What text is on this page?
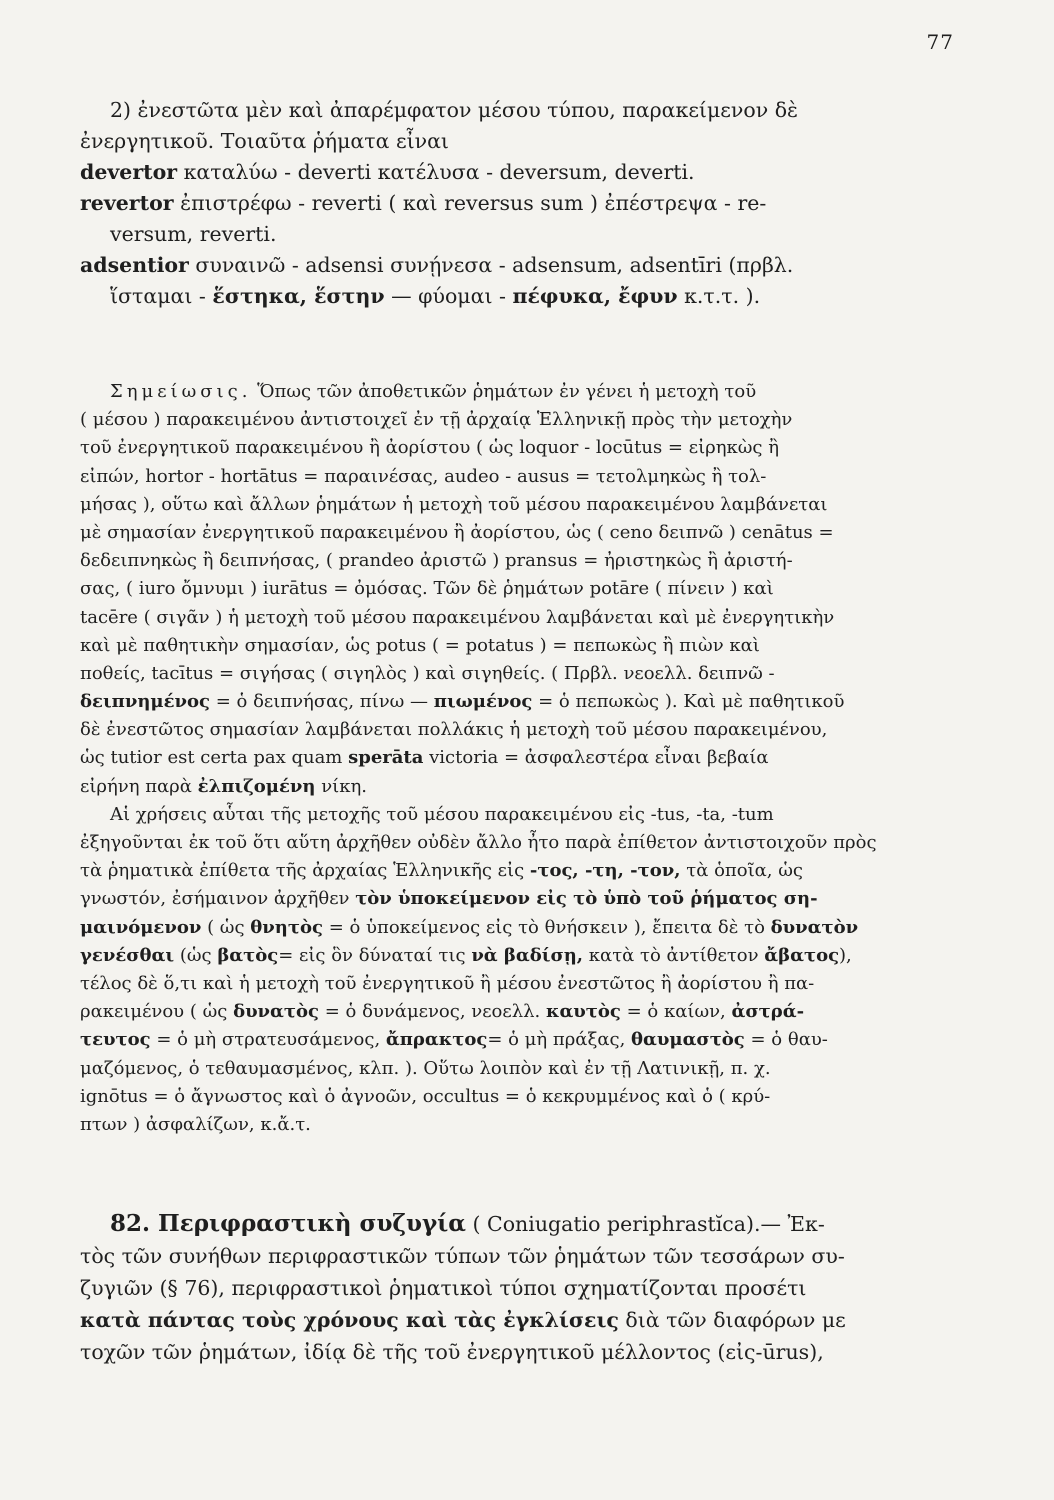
77

2) ἐνεστῶτα μὲν καὶ ἀπαρέμφατον μέσου τύπου, παρακείμενον δὲ

ἐνεργητικοῦ. Τοιαῦτα ῥήματα εἶναι

devertor καταλύω - deverti κατέλυσα - deversum, deverti.

revertor ἐπιστρέφω - reverti ( καὶ reversus sum ) ἐπέστρεψα - re-

versum, reverti.

adsentior συναινῶ - adsensi συνῄνεσα - adsensum, adsentīri (πρβλ.

ἵσταμαι - ἕστηκα, ἕστην — φύομαι - πέφυκα, ἔφυν κ.τ.τ. ).

Σημείωσις. Ὅπως τῶν ἀποθετικῶν ῥημάτων ἐν γένει ἡ μετοχὴ τοῦ

( μέσου ) παρακειμένου ἀντιστοιχεῖ ἐν τῇ ἀρχαίᾳ Ἑλληνικῇ πρὸς τὴν μετοχὴν

τοῦ ἐνεργητικοῦ παρακειμένου ἢ ἀορίστου ( ὡς loquor - locūtus = εἰρηκὼς ἢ

εἰπών, hortor - hortātus = παραινέσας, audeo - ausus = τετολμηκὼς ἢ τολ-

μήσας ), οὕτω καὶ ἄλλων ῥημάτων ἡ μετοχὴ τοῦ μέσου παρακειμένου λαμβάνεται

μὲ σημασίαν ἐνεργητικοῦ παρακειμένου ἢ ἀορίστου, ὡς ( ceno δειπνῶ ) cenātus =

δεδειπνηκὼς ἢ δειπνήσας, ( prandeo ἀριστῶ ) pransus = ἠριστηκὼς ἢ ἀριστή-

σας, ( iuro ὄμνυμι ) iurātus = ὀμόσας. Τῶν δὲ ῥημάτων potāre ( πίνειν ) καὶ

tacēre ( σιγᾶν ) ἡ μετοχὴ τοῦ μέσου παρακειμένου λαμβάνεται καὶ μὲ ἐνεργητικὴν

καὶ μὲ παθητικὴν σημασίαν, ὡς potus ( = potatus ) = πεπωκὼς ἢ πιὼν καὶ

ποθείς, tacītus = σιγήσας ( σιγηλὸς ) καὶ σιγηθείς. ( Πρβλ. νεοελλ. δειπνῶ -

δειπνημένος = ὁ δειπνήσας, πίνω — πιωμένος = ὁ πεπωκὼς ). Καὶ μὲ παθητικοῦ

δὲ ἐνεστῶτος σημασίαν λαμβάνεται πολλάκις ἡ μετοχὴ τοῦ μέσου παρακειμένου,

ὡς tutior est certa pax quam sperāta victoria = ἀσφαλεστέρα εἶναι βεβαία

εἰρήνη παρὰ ἐλπιζομένη νίκη.

Αἱ χρήσεις αὗται τῆς μετοχῆς τοῦ μέσου παρακειμένου εἰς -tus, -ta, -tum

ἐξηγοῦνται ἐκ τοῦ ὅτι αὕτη ἀρχῆθεν οὐδὲν ἄλλο ἦτο παρὰ ἐπίθετον ἀντιστοιχοῦν πρὸς

τὰ ῥηματικὰ ἐπίθετα τῆς ἀρχαίας Ἑλληνικῆς εἰς -τος, -τη, -τον, τὰ ὁποῖα, ὡς

γνωστόν, ἐσήμαινον ἀρχῆθεν τὸν ὑποκείμενον εἰς τὸ ὑπὸ τοῦ ῥήματος ση-

μαινόμενον ( ὡς θνητὸς = ὁ ὑποκείμενος εἰς τὸ θνήσκειν ), ἔπειτα δὲ τὸ δυνατὸν

γενέσθαι (ὡς βατὸς= εἰς ὃν δύναταί τις νὰ βαδίσῃ, κατὰ τὸ ἀντίθετον ἄβατος),

τέλος δὲ ὅ,τι καὶ ἡ μετοχὴ τοῦ ἐνεργητικοῦ ἢ μέσου ἐνεστῶτος ἢ ἀορίστου ἢ πα-

ρακειμένου ( ὡς δυνατὸς = ὁ δυνάμενος, νεοελλ. καυτὸς = ὁ καίων, ἀστρά-

τευτος = ὁ μὴ στρατευσάμενος, ἄπρακτος= ὁ μὴ πράξας, θαυμαστὸς = ὁ θαυ-

μαζόμενος, ὁ τεθαυμασμένος, κλπ. ). Οὕτω λοιπὸν καὶ ἐν τῇ Λατινικῇ, π. χ.

ignōtus = ὁ ἄγνωστος καὶ ὁ ἀγνοῶν, occultus = ὁ κεκρυμμένος καὶ ὁ ( κρύ-

πτων ) ἀσφαλίζων, κ.ἄ.τ.

82. Περιφραστικὴ συζυγία ( Coniugatio periphrastĭca).— Ἐκ-

τὸς τῶν συνήθων περιφραστικῶν τύπων τῶν ῥημάτων τῶν τεσσάρων συ-

ζυγιῶν (§ 76), περιφραστικοὶ ῥηματικοὶ τύποι σχηματίζονται προσέτι

κατὰ πάντας τοὺς χρόνους καὶ τὰς ἐγκλίσεις διὰ τῶν διαφόρων με

τοχῶν τῶν ῥημάτων, ἰδίᾳ δὲ τῆς τοῦ ἐνεργητικοῦ μέλλοντος (εἰς-ūrus),
